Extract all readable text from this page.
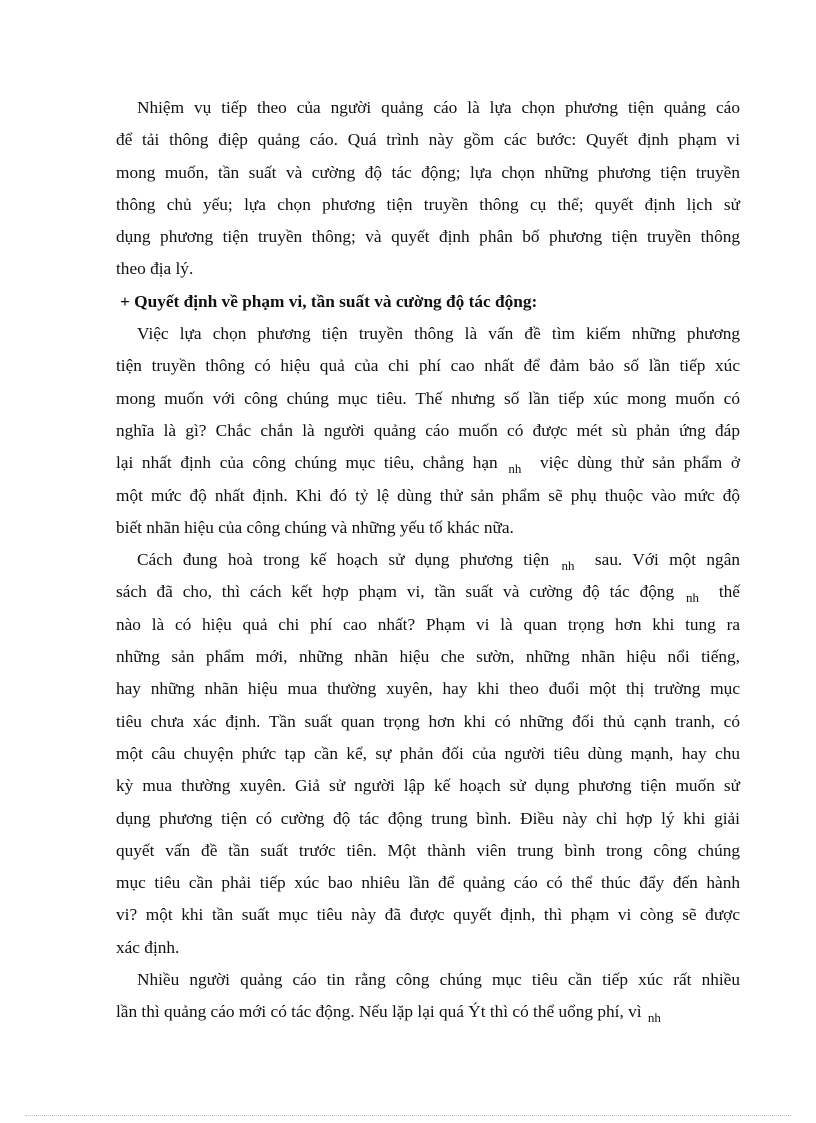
Nhiệm vụ tiếp theo của người quảng cáo là lựa chọn phương tiện quảng cáo
để tải thông điệp quảng cáo. Quá trình này gồm các bước: Quyết định phạm vi
mong muốn, tần suất và cường độ tác động; lựa chọn những phương tiện truyền
thông chủ yếu; lựa chọn phương tiện truyền thông cụ thể; quyết định lịch sử
dụng phương tiện truyền thông; và quyết định phân bố phương tiện truyền thông
theo địa lý.
+ Quyết định về phạm vi, tần suất và cường độ tác động:
Việc lựa chọn phương tiện truyền thông là vấn đề tìm kiếm những phương
tiện truyền thông có hiệu quả của chi phí cao nhất để đảm bảo số lần tiếp xúc
mong muốn với công chúng mục tiêu. Thế nhưng số lần tiếp xúc mong muốn có
nghĩa là gì? Chắc chắn là người quảng cáo muốn có được mét sù phản ứng đáp
lại nhất định của công chúng mục tiêu, chẳng hạn $_{nh}$ việc dùng thử sản phẩm ở
một mức độ nhất định. Khi đó tỷ lệ dùng thử sản phẩm sẽ phụ thuộc vào mức độ
biết nhãn hiệu của công chúng và những yếu tố khác nữa.
Cách đung hoà trong kế hoạch sử dụng phương tiện $_{nh}$ sau. Với một ngân
sách đã cho, thì cách kết hợp phạm vi, tần suất và cường độ tác động $_{nh}$ thế
nào là có hiệu quả chi phí cao nhất? Phạm vi là quan trọng hơn khi tung ra
những sản phẩm mới, những nhãn hiệu che sườn, những nhãn hiệu nổi tiếng,
hay những nhãn hiệu mua thường xuyên, hay khi theo đuổi một thị trường mục
tiêu chưa xác định. Tần suất quan trọng hơn khi có những đối thủ cạnh tranh, có
một câu chuyện phức tạp cần kể, sự phản đối của người tiêu dùng mạnh, hay chu
kỳ mua thường xuyên. Giả sử người lập kế hoạch sử dụng phương tiện muốn sử
dụng phương tiện có cường độ tác động trung bình. Điều này chỉ hợp lý khi giải
quyết vấn đề tần suất trước tiên. Một thành viên trung bình trong công chúng
mục tiêu cần phải tiếp xúc bao nhiêu lần để quảng cáo có thể thúc đẩy đến hành
vi? một khi tần suất mục tiêu này đã được quyết định, thì phạm vi còng sẽ được
xác định.
Nhiều người quảng cáo tin rằng công chúng mục tiêu cần tiếp xúc rất nhiều
lần thì quảng cáo mới có tác động. Nếu lặp lại quá Ýt thì có thể uổng phí, vì $_{nh}$
